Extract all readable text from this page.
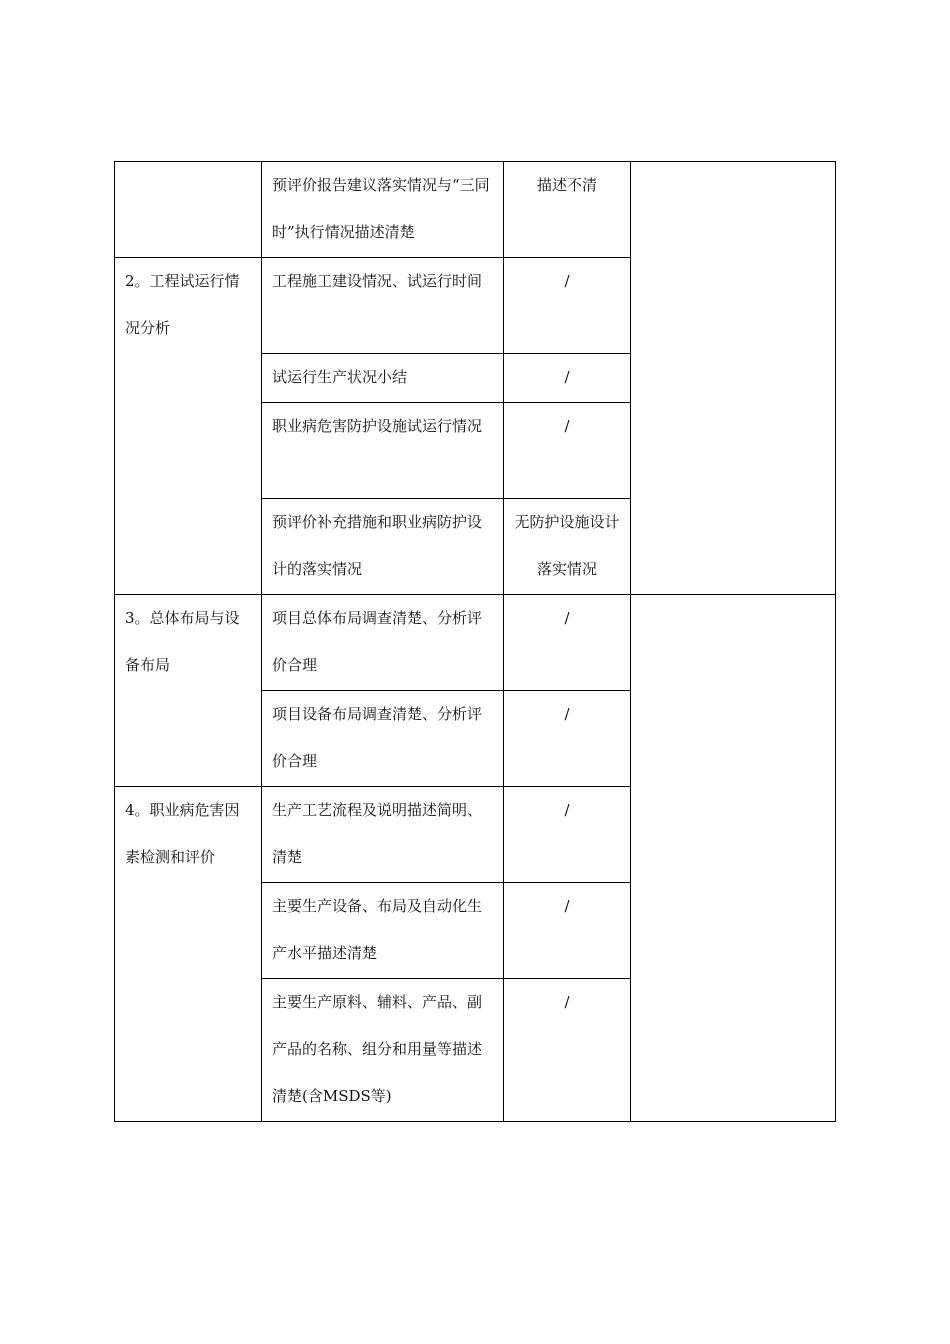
	预评价报告建议落实情况与“三同时”执行情况描述清楚	描述不清	

2。工程试运行情况分析	工程施工建设情况、试运行时间	/	

	试运行生产状况小结	/	

	职业病危害防护设施试运行情况	/	

	预评价补充措施和职业病防护设计的落实情况	无防护设施设计落实情况	

3。总体布局与设备布局	项目总体布局调查清楚、分析评价合理	/	

	项目设备布局调查清楚、分析评价合理	/	

4。职业病危害因素检测和评价	生产工艺流程及说明描述简明、清楚	/	

	主要生产设备、布局及自动化生产水平描述清楚	/	

	主要生产原料、辅料、产品、副产品的名称、组分和用量等描述清楚(含MSDS等)	/	
